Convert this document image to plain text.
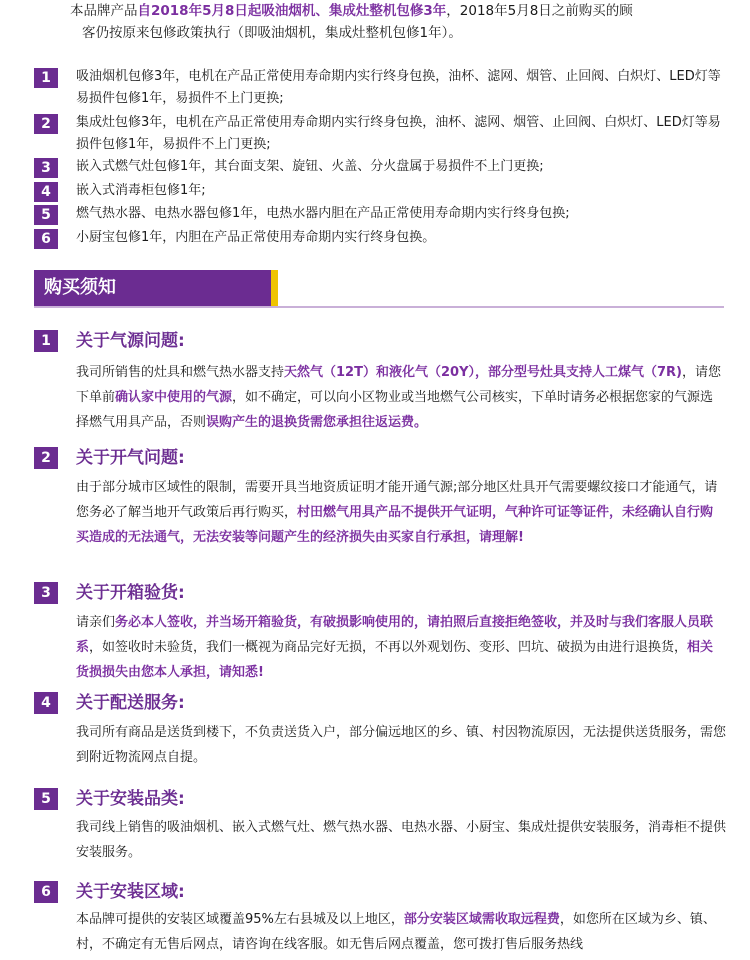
本品牌产品自2018年5月8日起吸油烟机、集成灶整机包修3年，2018年5月8日之前购买的顾
客仍按原来包修政策执行（即吸油烟机，集成灶整机包修1年）。
1	吸油烟机包修3年，电机在产品正常使用寿命期内实行终身包换，油杯、滤网、烟管、止回阀、白炽灯、LED灯等易损件包修1年，易损件不上门更换;
2	集成灶包修3年，电机在产品正常使用寿命期内实行终身包换，油杯、滤网、烟管、止回阀、白炽灯、LED灯等易损件包修1年，易损件不上门更换;
3	嵌入式燃气灶包修1年，其台面支架、旋钮、火盖、分火盘属于易损件不上门更换;
4	嵌入式消毒柜包修1年;
5	燃气热水器、电热水器包修1年，电热水器内胆在产品正常使用寿命期内实行终身包换;
6	小厨宝包修1年，内胆在产品正常使用寿命期内实行终身包换。
购买须知
1	关于气源问题:
我司所销售的灶具和燃气热水器支持天然气（12T）和液化气（20Y），部分型号灶具支持人工煤气（7R)，请您下单前确认家中使用的气源，如不确定，可以向小区物业或当地燃气公司核实，下单时请务必根据您家的气源选择燃气用具产品，否则误购产生的退换货需您承担往返运费。
2	关于开气问题:
由于部分城市区域性的限制，需要开具当地资质证明才能开通气源;部分地区灶具开气需要螺纹接口才能通气，请您务必了解当地开气政策后再行购买，村田燃气用具产品不提供开气证明，气种许可证等证件，未经确认自行购买造成的无法通气，无法安装等问题产生的经济损失由买家自行承担，请理解!
3	关于开箱验货:
请亲们务必本人签收，并当场开箱验货，有破损影响使用的，请拍照后直接拒绝签收，并及时与我们客服人员联系，如签收时未验货，我们一概视为商品完好无损，不再以外观划伤、变形、凹坑、破损为由进行退换货，相关货损损失由您本人承担，请知悉!
4	关于配送服务:
我司所有商品是送货到楼下，不负责送货入户，部分偏远地区的乡、镇、村因物流原因，无法提供送货服务，需您到附近物流网点自提。
5	关于安装品类:
我司线上销售的吸油烟机、嵌入式燃气灶、燃气热水器、电热水器、小厨宝、集成灶提供安装服务，消毒柜不提供安装服务。
6	关于安装区域:
本品牌可提供的安装区域覆盖95%左右县城及以上地区，部分安装区域需收取远程费，如您所在区域为乡、镇、村，不确定有无售后网点，请咨询在线客服。如无售后网点覆盖，您可拨打售后服务热线
